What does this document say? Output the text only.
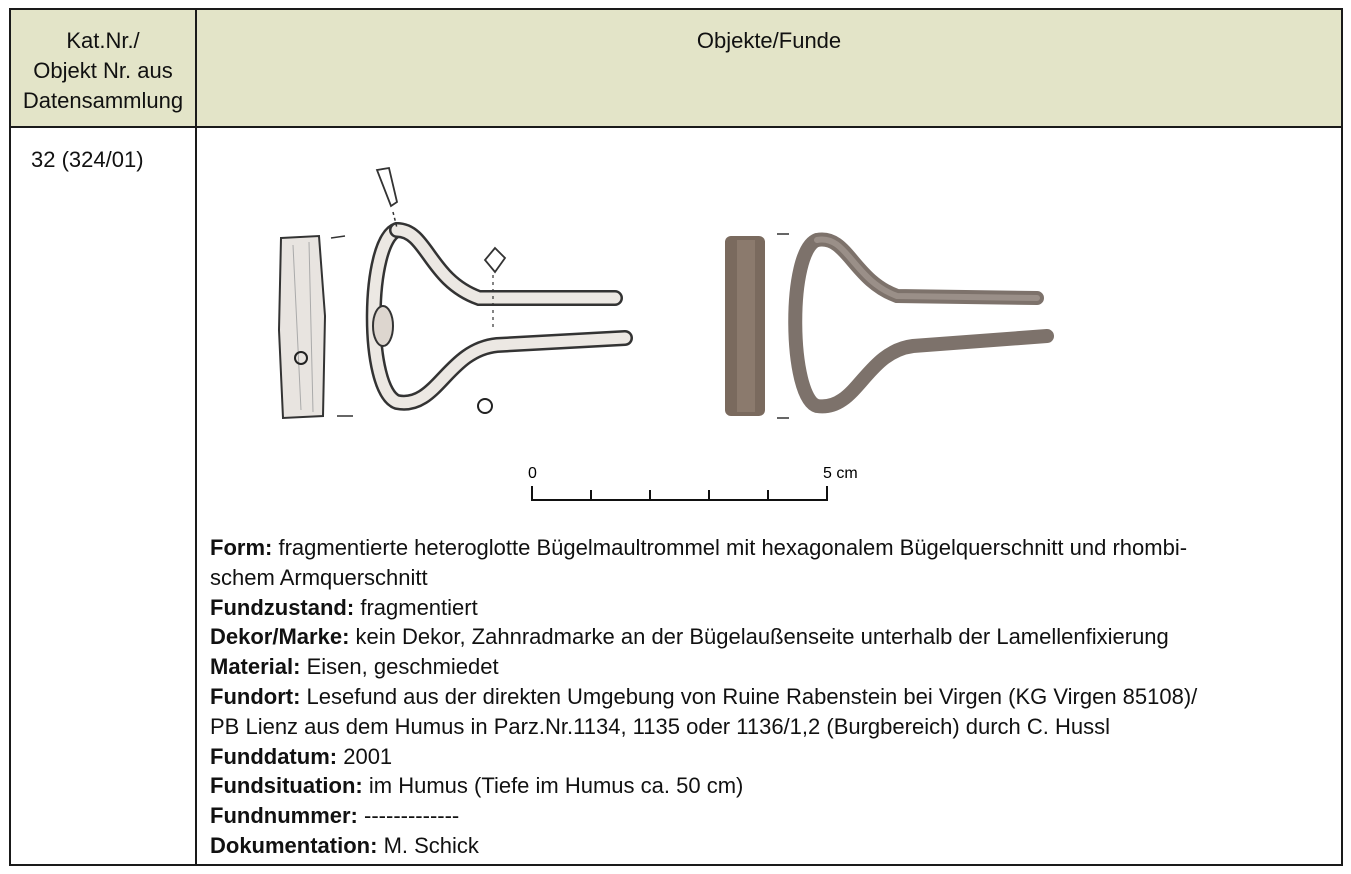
Kat.Nr./
Objekt Nr. aus
Datensammlung
Objekte/Funde
32 (324/01)
0	5 cm
Form: fragmentierte heteroglotte Bügelmaultrommel mit hexagonalem Bügelquerschnitt und rhombi-
schem Armquerschnitt
Fundzustand: fragmentiert
Dekor/Marke: kein Dekor, Zahnradmarke an der Bügelaußenseite unterhalb der Lamellenfixierung
Material: Eisen, geschmiedet
Fundort: Lesefund aus der direkten Umgebung von Ruine Rabenstein bei Virgen (KG Virgen 85108)/
PB Lienz aus dem Humus in Parz.Nr.1134, 1135 oder 1136/1,2 (Burgbereich) durch C. Hussl
Funddatum: 2001
Fundsituation: im Humus (Tiefe im Humus ca. 50 cm)
Fundnummer: -------------
Dokumentation: M. Schick
